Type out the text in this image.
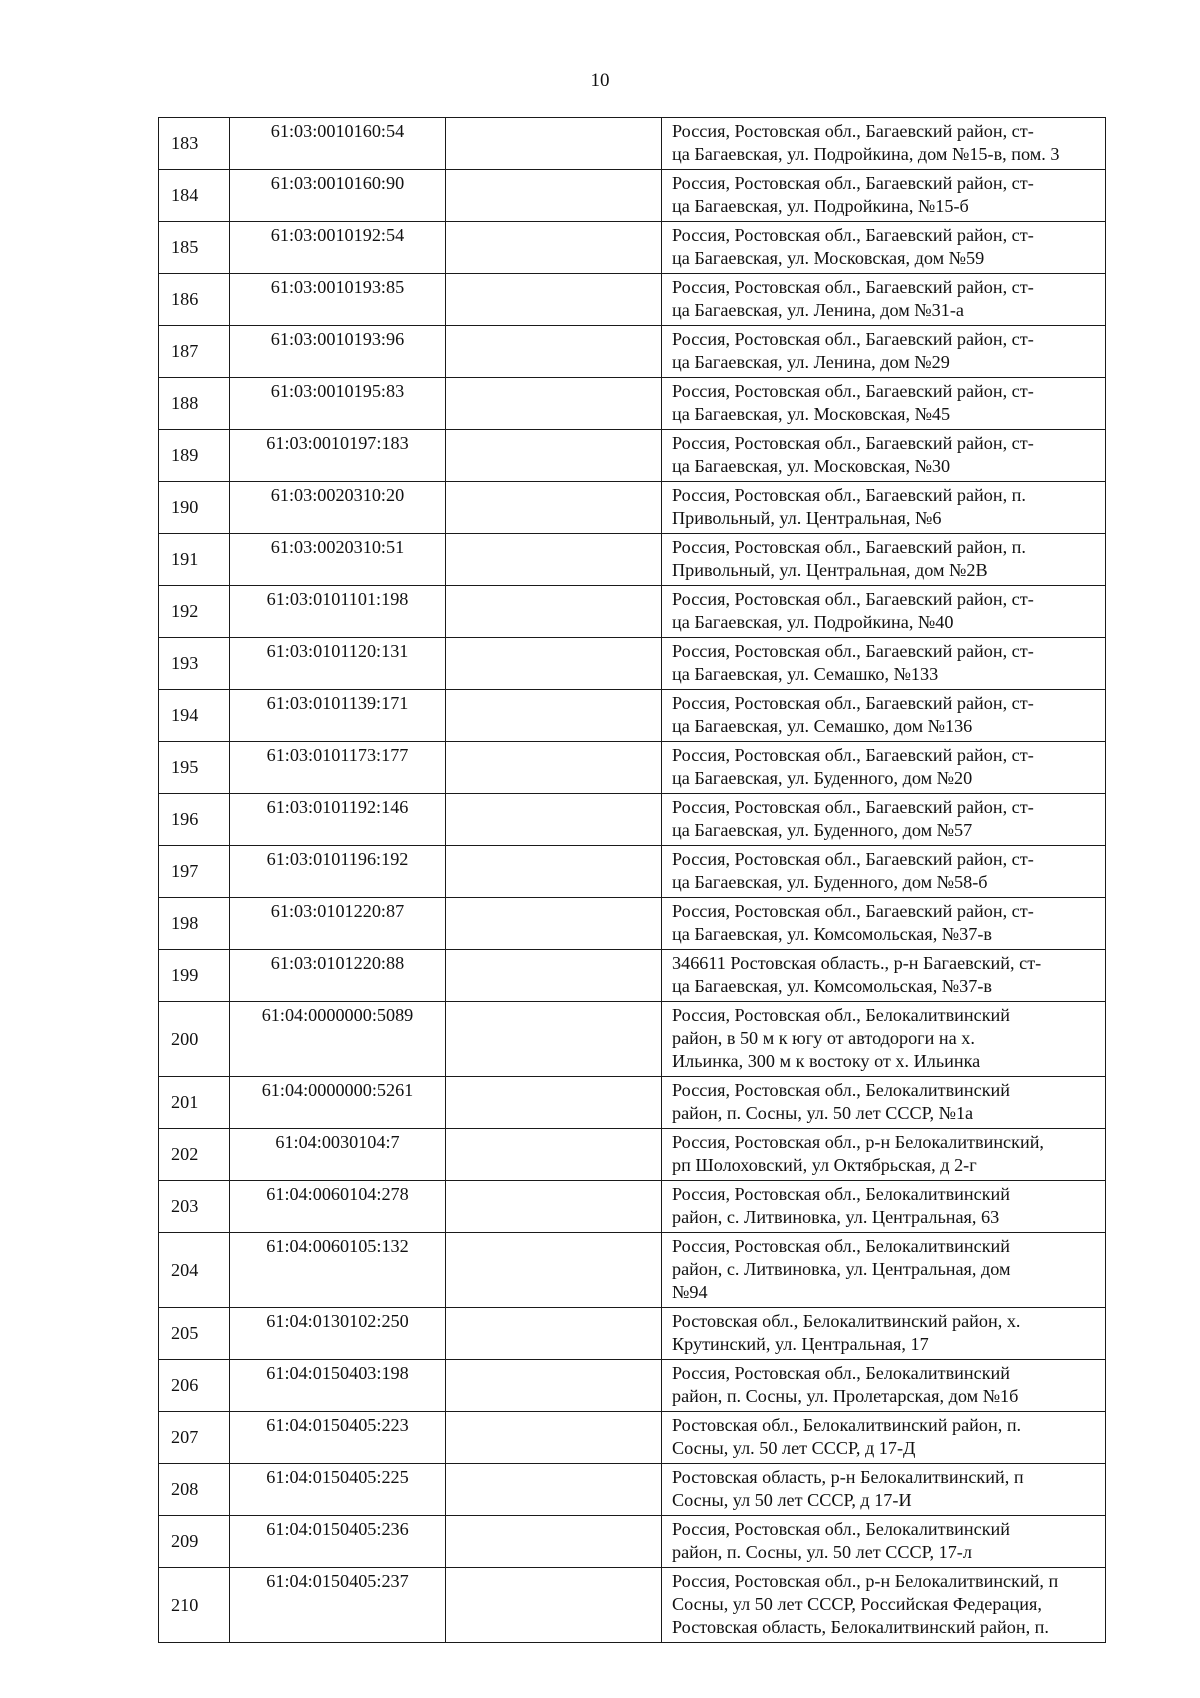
10
183	61:03:0010160:54		Россия, Ростовская обл., Багаевский район, ст-
ца Багаевская, ул. Подройкина, дом №15-в, пом. 3

184	61:03:0010160:90		Россия, Ростовская обл., Багаевский район, ст-
ца Багаевская, ул. Подройкина, №15-б

185	61:03:0010192:54		Россия, Ростовская обл., Багаевский район, ст-
ца Багаевская, ул. Московская, дом №59

186	61:03:0010193:85		Россия, Ростовская обл., Багаевский район, ст-
ца Багаевская, ул. Ленина, дом №31-а

187	61:03:0010193:96		Россия, Ростовская обл., Багаевский район, ст-
ца Багаевская, ул. Ленина, дом №29

188	61:03:0010195:83		Россия, Ростовская обл., Багаевский район, ст-
ца Багаевская, ул. Московская, №45

189	61:03:0010197:183		Россия, Ростовская обл., Багаевский район, ст-
ца Багаевская, ул. Московская, №30

190	61:03:0020310:20		Россия, Ростовская обл., Багаевский район, п.
Привольный, ул. Центральная, №6

191	61:03:0020310:51		Россия, Ростовская обл., Багаевский район, п.
Привольный, ул. Центральная, дом №2В

192	61:03:0101101:198		Россия, Ростовская обл., Багаевский район, ст-
ца Багаевская, ул. Подройкина, №40

193	61:03:0101120:131		Россия, Ростовская обл., Багаевский район, ст-
ца Багаевская, ул. Семашко, №133

194	61:03:0101139:171		Россия, Ростовская обл., Багаевский район, ст-
ца Багаевская, ул. Семашко, дом №136

195	61:03:0101173:177		Россия, Ростовская обл., Багаевский район, ст-
ца Багаевская, ул. Буденного, дом №20

196	61:03:0101192:146		Россия, Ростовская обл., Багаевский район, ст-
ца Багаевская, ул. Буденного, дом №57

197	61:03:0101196:192		Россия, Ростовская обл., Багаевский район, ст-
ца Багаевская, ул. Буденного, дом №58-б

198	61:03:0101220:87		Россия, Ростовская обл., Багаевский район, ст-
ца Багаевская, ул. Комсомольская, №37-в

199	61:03:0101220:88		346611 Ростовская область., р-н Багаевский, ст-
ца Багаевская, ул. Комсомольская, №37-в

200	61:04:0000000:5089		Россия, Ростовская обл., Белокалитвинский
район, в 50 м к югу от автодороги на х.
Ильинка, 300 м к востоку от х. Ильинка

201	61:04:0000000:5261		Россия, Ростовская обл., Белокалитвинский
район, п. Сосны, ул. 50 лет СССР, №1а

202	61:04:0030104:7		Россия, Ростовская обл., р-н Белокалитвинский,
рп Шолоховский, ул Октябрьская, д 2-г

203	61:04:0060104:278		Россия, Ростовская обл., Белокалитвинский
район, с. Литвиновка, ул. Центральная, 63

204	61:04:0060105:132		Россия, Ростовская обл., Белокалитвинский
район, с. Литвиновка, ул. Центральная, дом
№94

205	61:04:0130102:250		Ростовская обл., Белокалитвинский район, х.
Крутинский, ул. Центральная, 17

206	61:04:0150403:198		Россия, Ростовская обл., Белокалитвинский
район, п. Сосны, ул. Пролетарская, дом №1б

207	61:04:0150405:223		Ростовская обл., Белокалитвинский район, п.
Сосны, ул. 50 лет СССР, д 17-Д

208	61:04:0150405:225		Ростовская область, р-н Белокалитвинский, п
Сосны, ул 50 лет СССР, д 17-И

209	61:04:0150405:236		Россия, Ростовская обл., Белокалитвинский
район, п. Сосны, ул. 50 лет СССР, 17-л

210	61:04:0150405:237		Россия, Ростовская обл., р-н Белокалитвинский, п
Сосны, ул 50 лет СССР, Российская Федерация,
Ростовская область, Белокалитвинский район, п.
